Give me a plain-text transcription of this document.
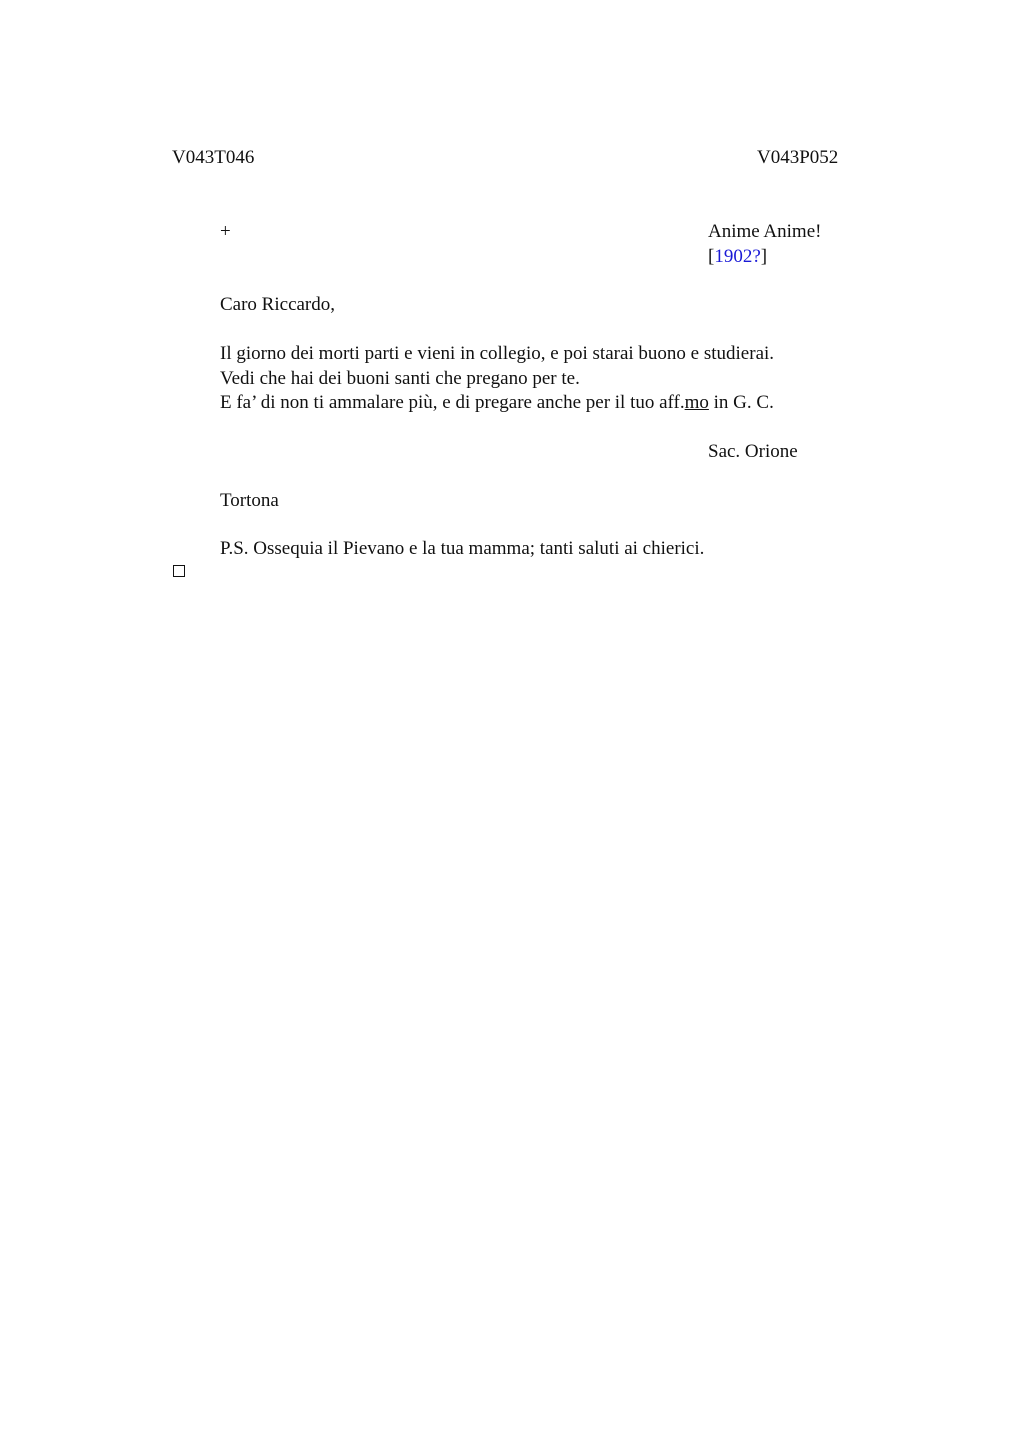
V043T046	V043P052
+	Anime Anime!
[1902?]
Caro Riccardo,
Il giorno dei morti parti e vieni in collegio, e poi starai buono e studierai.
Vedi che hai dei buoni santi che pregano per te.
E fa’ di non ti ammalare più, e di pregare anche per il tuo aff.mo in G. C.
Sac. Orione
Tortona
P.S. Ossequia il Pievano e la tua mamma; tanti saluti ai chierici.
